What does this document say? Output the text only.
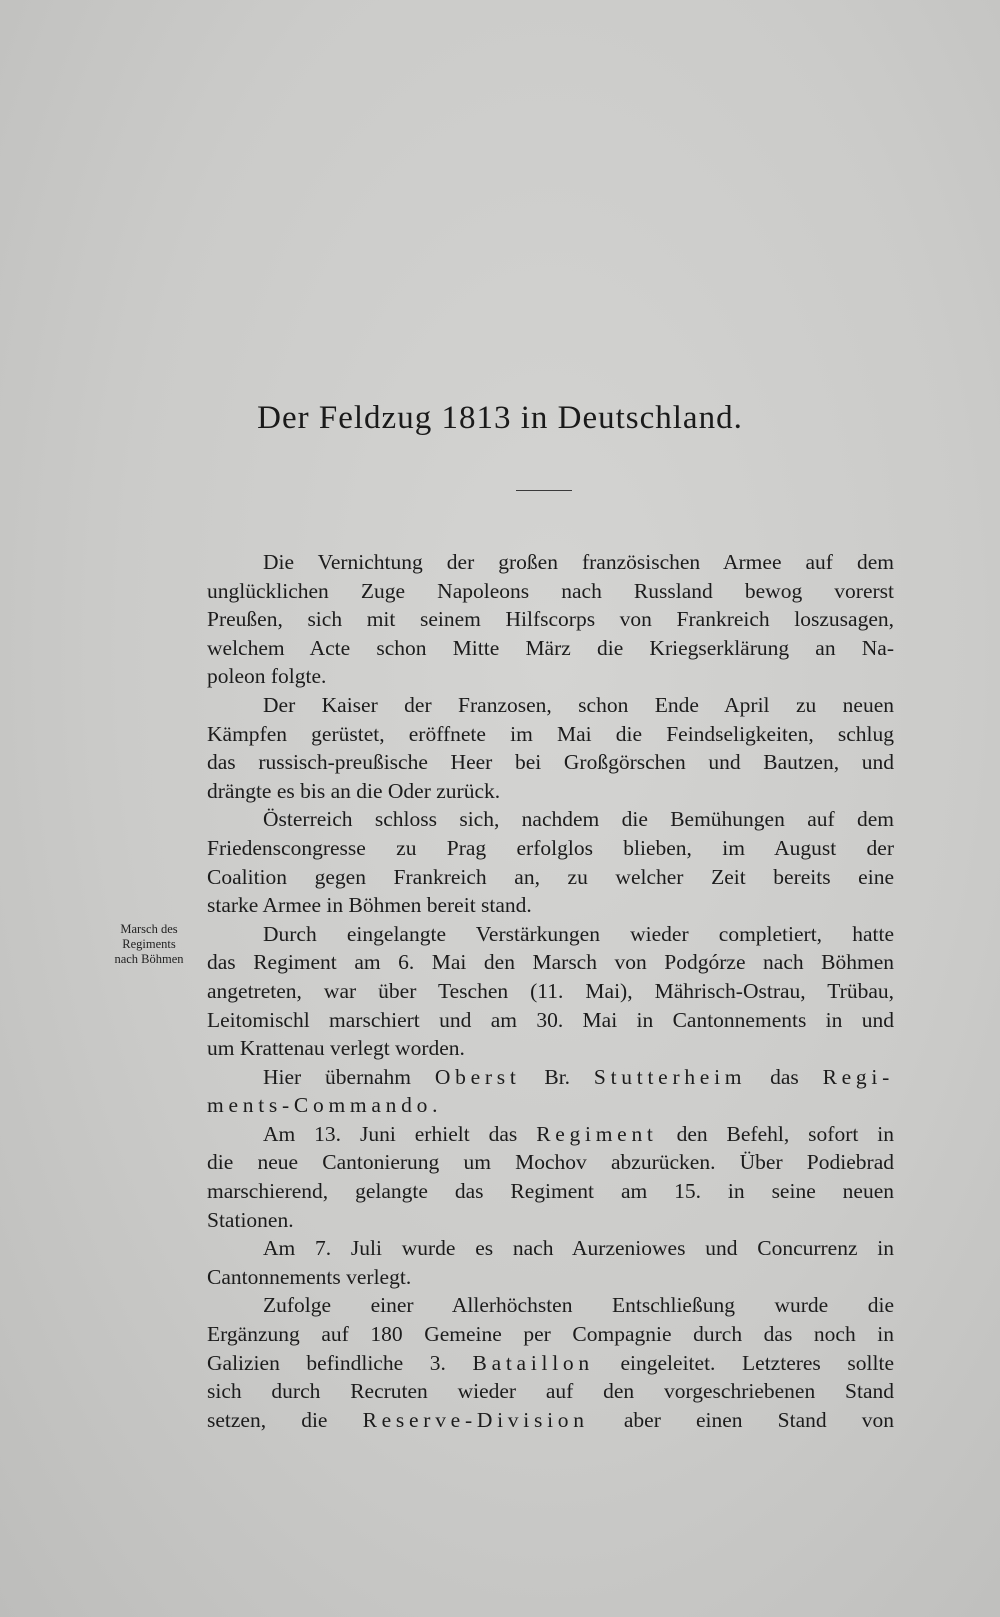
Der Feldzug 1813 in Deutschland.
Marsch des
Regiments
nach Böhmen
Die Vernichtung der großen französischen Armee auf dem
unglücklichen Zuge Napoleons nach Russland bewog vorerst
Preußen, sich mit seinem Hilfscorps von Frankreich loszusagen,
welchem Acte schon Mitte März die Kriegserklärung an Na-
poleon folgte.
Der Kaiser der Franzosen, schon Ende April zu neuen
Kämpfen gerüstet, eröffnete im Mai die Feindseligkeiten, schlug
das russisch-preußische Heer bei Großgörschen und Bautzen, und
drängte es bis an die Oder zurück.
Österreich schloss sich, nachdem die Bemühungen auf dem
Friedenscongresse zu Prag erfolglos blieben, im August der
Coalition gegen Frankreich an, zu welcher Zeit bereits eine
starke Armee in Böhmen bereit stand.
Durch eingelangte Verstärkungen wieder completiert, hatte
das Regiment am 6. Mai den Marsch von Podgórze nach Böhmen
angetreten, war über Teschen (11. Mai), Mährisch-Ostrau, Trübau,
Leitomischl marschiert und am 30. Mai in Cantonnements in und
um Krattenau verlegt worden.
Hier übernahm Oberst Br. Stutterheim das Regi-
ments-Commando.
Am 13. Juni erhielt das Regiment den Befehl, sofort in
die neue Cantonierung um Mochov abzurücken. Über Podiebrad
marschierend, gelangte das Regiment am 15. in seine neuen
Stationen.
Am 7. Juli wurde es nach Aurzeniowes und Concurrenz in
Cantonnements verlegt.
Zufolge einer Allerhöchsten Entschließung wurde die
Ergänzung auf 180 Gemeine per Compagnie durch das noch in
Galizien befindliche 3. Bataillon eingeleitet. Letzteres sollte
sich durch Recruten wieder auf den vorgeschriebenen Stand
setzen, die Reserve-Division aber einen Stand von
